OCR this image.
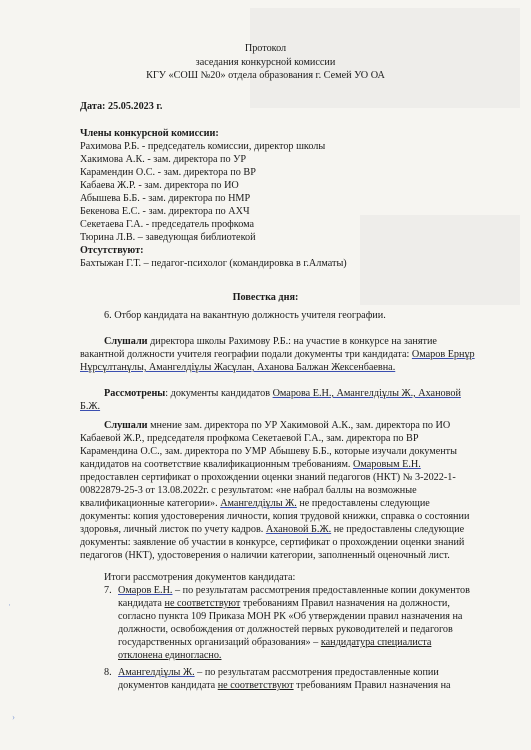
Протокол
заседания конкурсной комиссии
КГУ «СОШ №20» отдела образования г. Семей УО ОА
Дата: 25.05.2023 г.
Члены конкурсной комиссии:
Рахимова Р.Б. - председатель комиссии, директор школы
Хакимова А.К. - зам. директора по УР
Карамендин О.С. - зам. директора по ВР
Кабаева Ж.Р. - зам. директора по ИО
Абышева Б.Б. - зам. директора по НМР
Бекенова Е.С. - зам. директора по АХЧ
Секетаева Г.А. - председатель профкома
Тюрина Л.В. – заведующая библиотекой
Отсутствуют:
Бахтыжан Г.Т. – педагог-психолог (командировка в г.Алматы)
Повестка дня:
6. Отбор кандидата на вакантную должность учителя географии.
Слушали директора школы Рахимову Р.Б.: на участие в конкурсе на занятие
вакантной должности учителя географии подали документы три кандидата: Омаров Ернұр
Нұрсұлтанұлы, Амангелдіұлы Жасұлан, Аханова Балжан Жексенбаевна.
Рассмотрены: документы кандидатов Омарова Е.Н., Амангелдіұлы Ж., Ахановой
Б.Ж.
Слушали мнение зам. директора по УР Хакимовой А.К., зам. директора по ИО
Кабаевой Ж.Р., председателя профкома Секетаевой Г.А., зам. директора по ВР
Карамендина О.С., зам. директора по УМР Абышеву Б.Б., которые изучали документы
кандидатов на соответствие квалификационным требованиям. Омаровым Е.Н.
предоставлен сертификат о прохождении оценки знаний педагогов (НКТ) № 3-2022-1-
00822879-25-3 от 13.08.2022г. с результатом: «не набрал баллы на возможные
квалификационные категории». Амангелдіұлы Ж. не предоставлены следующие
документы: копия удостоверения личности, копия трудовой книжки, справка о состоянии
здоровья, личный листок по учету кадров. Ахановой Б.Ж. не предоставлены следующие
документы: заявление об участии в конкурсе, сертификат о прохождении оценки знаний
педагогов (НКТ), удостоверения о наличии категории, заполненный оценочный лист.
Итоги рассмотрения документов кандидата:
7. Омаров Е.Н. – по результатам рассмотрения предоставленные копии документов
кандидата не соответствуют требованиям Правил назначения на должности,
согласно пункта 109 Приказа МОН РК «Об утверждении правил назначения на
должности, освобождения от должностей первых руководителей и педагогов
государственных организаций образования» – кандидатура специалиста
отклонена единогласно.
8. Амангелдіұлы Ж. – по результатам рассмотрения предоставленные копии
документов кандидата не соответствуют требованиям Правил назначения на
·
›
